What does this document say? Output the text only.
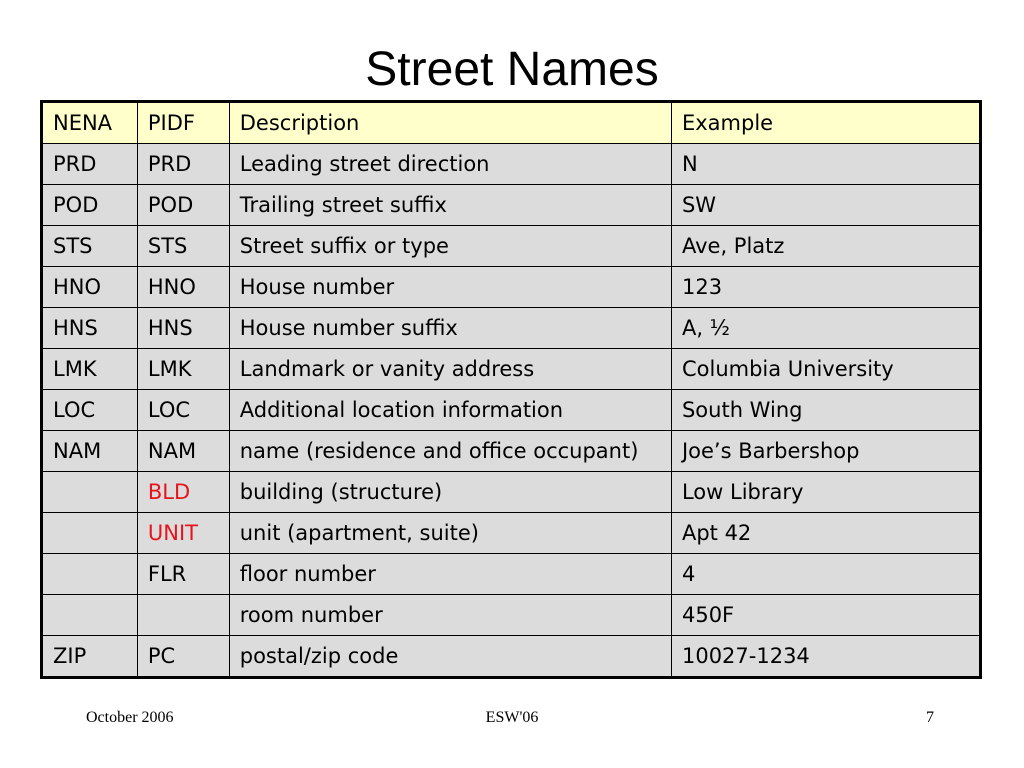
Street Names
NENA	PIDF	Description	Example
PRD	PRD	Leading street direction	N
POD	POD	Trailing street suffix	SW
STS	STS	Street suffix or type	Ave, Platz
HNO	HNO	House number	123
HNS	HNS	House number suffix	A, ½
LMK	LMK	Landmark or vanity address	Columbia University
LOC	LOC	Additional location information	South Wing
NAM	NAM	name (residence and office occupant)	Joe’s Barbershop
	BLD	building (structure)	Low Library
	UNIT	unit (apartment, suite)	Apt 42
	FLR	floor number	4
		room number	450F
ZIP	PC	postal/zip code	10027-1234
October 2006	ESW'06	7
